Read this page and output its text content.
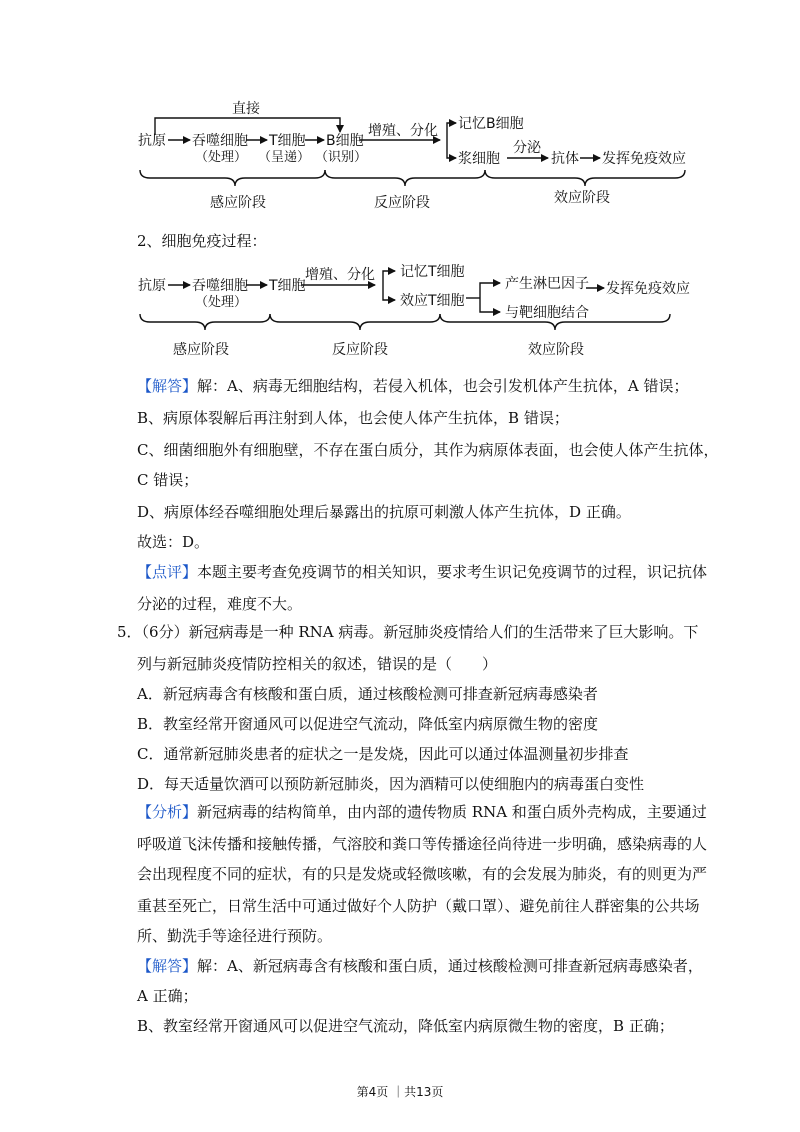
直接
抗原 吞噬细胞
（处理）
T细胞
（呈递）
B细胞
（识别）
增殖、分化 记忆B细胞
浆细胞
分泌
抗体 发挥免疫效应
感应阶段	反应阶段	效应阶段
2、细胞免疫过程：
抗原 吞噬细胞
（处理）
T细胞
增殖、分化 记忆T细胞
效应T细胞
产生淋巴因子
与靶细胞结合
发挥免疫效应
感应阶段	反应阶段	效应阶段
【解答】解：A、病毒无细胞结构，若侵入机体，也会引发机体产生抗体，A 错误；
B、病原体裂解后再注射到人体，也会使人体产生抗体，B 错误；
C、细菌细胞外有细胞壁，不存在蛋白质分，其作为病原体表面，也会使人体产生抗体，
C 错误；
D、病原体经吞噬细胞处理后暴露出的抗原可刺激人体产生抗体，D 正确。
故选：D。
【点评】本题主要考查免疫调节的相关知识，要求考生识记免疫调节的过程，识记抗体
分泌的过程，难度不大。
5．（6分）新冠病毒是一种 RNA 病毒。新冠肺炎疫情给人们的生活带来了巨大影响。下
列与新冠肺炎疫情防控相关的叙述，错误的是（　　）
A．新冠病毒含有核酸和蛋白质，通过核酸检测可排查新冠病毒感染者
B．教室经常开窗通风可以促进空气流动，降低室内病原微生物的密度
C．通常新冠肺炎患者的症状之一是发烧，因此可以通过体温测量初步排查
D．每天适量饮酒可以预防新冠肺炎，因为酒精可以使细胞内的病毒蛋白变性
【分析】新冠病毒的结构简单，由内部的遗传物质 RNA 和蛋白质外壳构成，主要通过
呼吸道飞沫传播和接触传播，气溶胶和粪口等传播途径尚待进一步明确，感染病毒的人
会出现程度不同的症状，有的只是发烧或轻微咳嗽，有的会发展为肺炎，有的则更为严
重甚至死亡，日常生活中可通过做好个人防护（戴口罩）、避免前往人群密集的公共场
所、勤洗手等途径进行预防。
【解答】解：A、新冠病毒含有核酸和蛋白质，通过核酸检测可排查新冠病毒感染者，
A 正确；
B、教室经常开窗通风可以促进空气流动，降低室内病原微生物的密度，B 正确；
第4页 ｜共13页
